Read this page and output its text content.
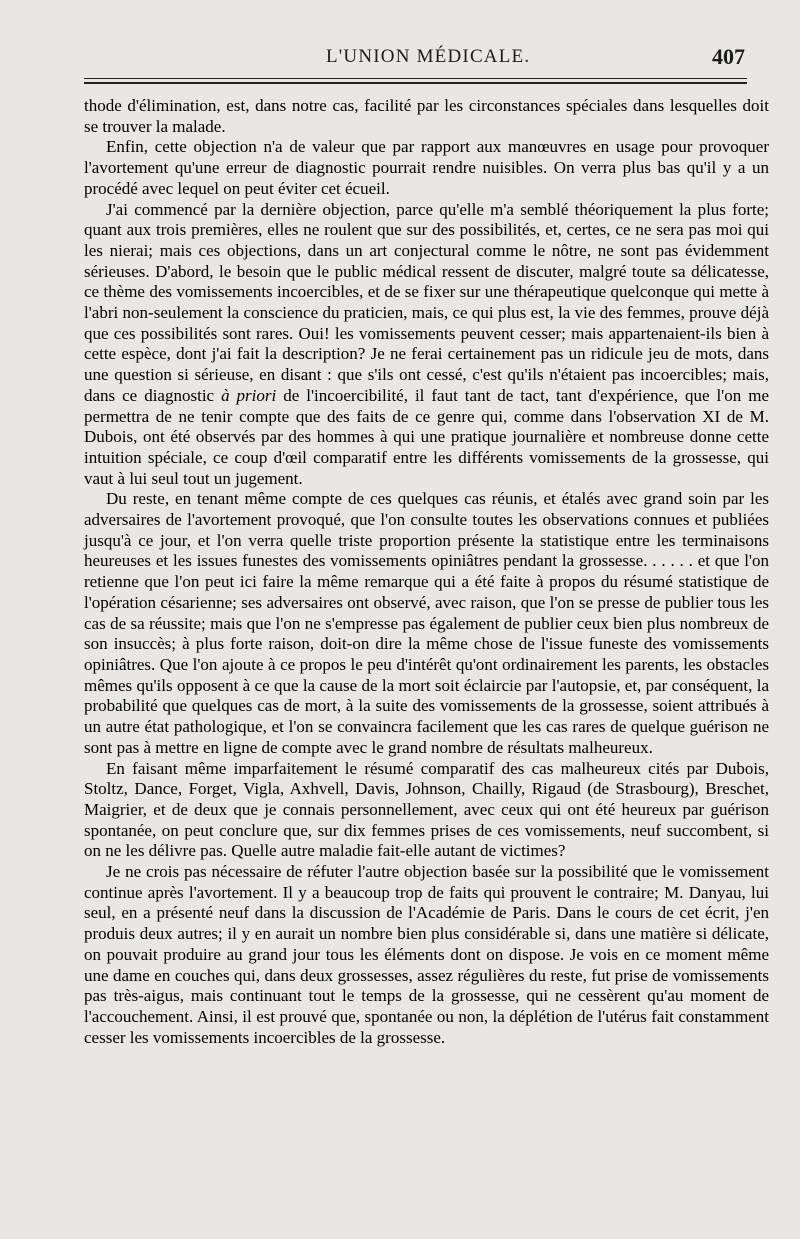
L'UNION MÉDICALE.	407

thode d'élimination, est, dans notre cas, facilité par les circonstances spéciales dans lesquelles doit se trouver la malade.

Enfin, cette objection n'a de valeur que par rapport aux manœuvres en usage pour provoquer l'avortement qu'une erreur de diagnostic pourrait rendre nuisibles. On verra plus bas qu'il y a un procédé avec lequel on peut éviter cet écueil.

J'ai commencé par la dernière objection, parce qu'elle m'a semblé théoriquement la plus forte; quant aux trois premières, elles ne roulent que sur des possibilités, et, certes, ce ne sera pas moi qui les nierai; mais ces objections, dans un art conjectural comme le nôtre, ne sont pas évidemment sérieuses. D'abord, le besoin que le public médical ressent de discuter, malgré toute sa délicatesse, ce thème des vomissements incoercibles, et de se fixer sur une thérapeutique quelconque qui mette à l'abri non-seulement la conscience du praticien, mais, ce qui plus est, la vie des femmes, prouve déjà que ces possibilités sont rares. Oui! les vomissements peuvent cesser; mais appartenaient-ils bien à cette espèce, dont j'ai fait la description? Je ne ferai certainement pas un ridicule jeu de mots, dans une question si sérieuse, en disant : que s'ils ont cessé, c'est qu'ils n'étaient pas incoercibles; mais, dans ce diagnostic à priori de l'incoercibilité, il faut tant de tact, tant d'expérience, que l'on me permettra de ne tenir compte que des faits de ce genre qui, comme dans l'observation XI de M. Dubois, ont été observés par des hommes à qui une pratique journalière et nombreuse donne cette intuition spéciale, ce coup d'œil comparatif entre les différents vomissements de la grossesse, qui vaut à lui seul tout un jugement.

Du reste, en tenant même compte de ces quelques cas réunis, et étalés avec grand soin par les adversaires de l'avortement provoqué, que l'on consulte toutes les observations connues et publiées jusqu'à ce jour, et l'on verra quelle triste proportion présente la statistique entre les terminaisons heureuses et les issues funestes des vomissements opiniâtres pendant la grossesse. . . . . . et que l'on retienne que l'on peut ici faire la même remarque qui a été faite à propos du résumé statistique de l'opération césarienne; ses adversaires ont observé, avec raison, que l'on se presse de publier tous les cas de sa réussite; mais que l'on ne s'empresse pas également de publier ceux bien plus nombreux de son insuccès; à plus forte raison, doit-on dire la même chose de l'issue funeste des vomissements opiniâtres. Que l'on ajoute à ce propos le peu d'intérêt qu'ont ordinairement les parents, les obstacles mêmes qu'ils opposent à ce que la cause de la mort soit éclaircie par l'autopsie, et, par conséquent, la probabilité que quelques cas de mort, à la suite des vomissements de la grossesse, soient attribués à un autre état pathologique, et l'on se convaincra facilement que les cas rares de quelque guérison ne sont pas à mettre en ligne de compte avec le grand nombre de résultats malheureux.

En faisant même imparfaitement le résumé comparatif des cas malheureux cités par Dubois, Stoltz, Dance, Forget, Vigla, Axhvell, Davis, Johnson, Chailly, Rigaud (de Strasbourg), Breschet, Maigrier, et de deux que je connais personnellement, avec ceux qui ont été heureux par guérison spontanée, on peut conclure que, sur dix femmes prises de ces vomissements, neuf succombent, si on ne les délivre pas. Quelle autre maladie fait-elle autant de victimes?

Je ne crois pas nécessaire de réfuter l'autre objection basée sur la possibilité que le vomissement continue après l'avortement. Il y a beaucoup trop de faits qui prouvent le contraire; M. Danyau, lui seul, en a présenté neuf dans la discussion de l'Académie de Paris. Dans le cours de cet écrit, j'en produis deux autres; il y en aurait un nombre bien plus considérable si, dans une matière si délicate, on pouvait produire au grand jour tous les éléments dont on dispose. Je vois en ce moment même une dame en couches qui, dans deux grossesses, assez régulières du reste, fut prise de vomissements pas très-aigus, mais continuant tout le temps de la grossesse, qui ne cessèrent qu'au moment de l'accouchement. Ainsi, il est prouvé que, spontanée ou non, la déplétion de l'utérus fait constamment cesser les vomissements incoercibles de la grossesse.
